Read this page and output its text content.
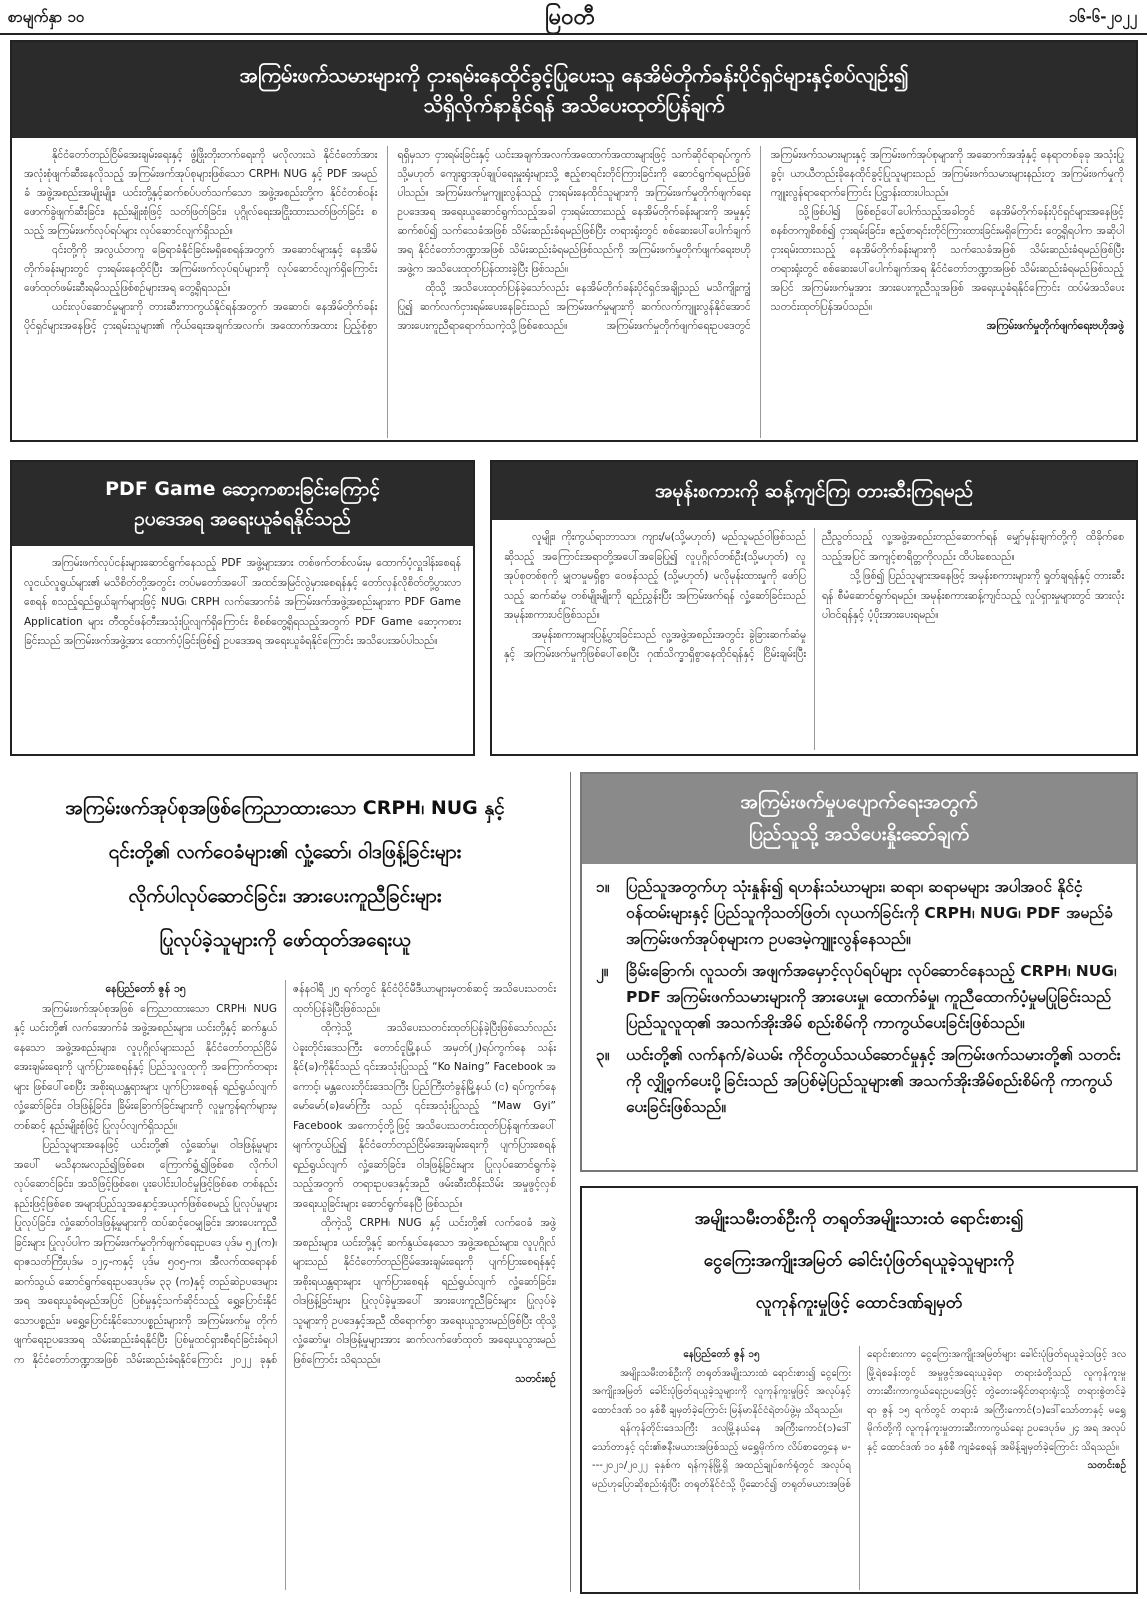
စာမျက်နှာ ၁၀	မြဝတီ	၁၆-၆-၂၀၂၂
အကြမ်းဖက်သမားများကို ငှားရမ်းနေထိုင်ခွင့်ပြုပေးသူ နေအိမ်တိုက်ခန်းပိုင်ရှင်များနှင့်စပ်လျဉ်း၍
သိရှိလိုက်နာနိုင်ရန် အသိပေးထုတ်ပြန်ချက်

နိုင်ငံတော်တည်ငြိမ်အေးချမ်းရေးနှင့် ဖွံ့ဖြိုးတိုးတက်ရေးကို မလိုလားသဲ နိုင်ငံတော်အား အလုံးစုံဖျက်ဆီးနေလိုသည့် အကြမ်းဖက်အုပ်စုများဖြစ်သော CRPH၊ NUG နှင့် PDF အမည်ခံ အဖွဲ့အစည်းအမျိုးမျိုး၊ ယင်းတို့နှင့်ဆက်စပ်ပတ်သက်သော အဖွဲ့အစည်းတို့က နိုင်ငံတစ်ဝန်း ဖောက်ခွဲဖျက်ဆီးခြင်း၊ နည်းမျိုးစုံဖြင့် သတ်ဖြတ်ခြင်း၊ ပုဂ္ဂိုလ်ရေးအငြိုးထားသတ်ဖြတ်ခြင်း စသည့် အကြမ်းဖက်လုပ်ရပ်များ လုပ်ဆောင်လျက်ရှိသည်။

၎င်းတို့ကို အလွယ်တကူ ခြေရာခံနိုင်ခြင်းမရှိစေရန်အတွက် အဆောင်များနှင့် နေအိမ်တိုက်ခန်းများတွင် ငှားရမ်းနေထိုင်ပြီး အကြမ်းဖက်လုပ်ရပ်များကို လုပ်ဆောင်လျက်ရှိကြောင်း ဖော်ထုတ်ဖမ်းဆီးရမိသည့်ဖြစ်စဉ်များအရ တွေ့ရှိရသည်။

ယင်းလုပ်ဆောင်မှုများကို တားဆီးကာကွယ်နိုင်ရန်အတွက် အဆောင်၊ နေအိမ်တိုက်ခန်းပိုင်ရှင်များအနေဖြင့် ငှားရမ်းသူများ၏ ကိုယ်ရေးအချက်အလက်၊ အထောက်အထား ပြည့်စုံစွာရရှိမှသာ ငှားရမ်းခြင်းနှင့် ယင်းအချက်အလက်အထောက်အထားများဖြင့် သက်ဆိုင်ရာရပ်ကွက် သို့မဟုတ် ကျေးရွာအုပ်ချုပ်ရေးမှူးရုံးများသို့ ဧည့်စာရင်းတိုင်ကြားခြင်းကို ဆောင်ရွက်ရမည်ဖြစ်ပါသည်။ အကြမ်းဖက်မှုကျူးလွန်သည့် ငှားရမ်းနေထိုင်သူများကို အကြမ်းဖက်မှုတိုက်ဖျက်ရေးဥပဒေအရ အရေးယူဆောင်ရွက်သည့်အခါ ငှားရမ်းထားသည့် နေအိမ်တိုက်ခန်းများကို အမှုနှင့်ဆက်စပ်၍ သက်သေခံအဖြစ် သိမ်းဆည်းခံရမည်ဖြစ်ပြီး တရားရုံးတွင် စစ်ဆေးပေါ်ပေါက်ချက်အရ နိုင်ငံတော်ဘဏ္ဍာအဖြစ် သိမ်းဆည်းခံရမည်ဖြစ်သည်ကို အကြမ်းဖက်မှုတိုက်ဖျက်ရေးဗဟိုအဖွဲ့က အသိပေးထုတ်ပြန်ထားခဲ့ပြီး ဖြစ်သည်။

ထိုသို့ အသိပေးထုတ်ပြန်ခဲ့သော်လည်း နေအိမ်တိုက်ခန်းပိုင်ရှင်အချို့သည် မသိကျိုးကျွံပြု၍ ဆက်လက်ငှားရမ်းပေးနေခြင်းသည် အကြမ်းဖက်မှုများကို ဆက်လက်ကျူးလွန်နိုင်အောင် အားပေးကူညီရာရောက်သကဲ့သို့ဖြစ်စေသည်။ အကြမ်းဖက်မှုတိုက်ဖျက်ရေးဥပဒေတွင် အကြမ်းဖက်သမားများနှင့် အကြမ်းဖက်အုပ်စုများကို အဆောက်အအုံနှင့် နေရာတစ်ခုခု အသုံးပြုခွင့်၊ ယာယီတည်းခိုနေထိုင်ခွင့်ပြုသူများသည် အကြမ်းဖက်သမားများနည်းတူ အကြမ်းဖက်မှုကို ကျူးလွန်ရာရောက်ကြောင်း ပြဋ္ဌာန်းထားပါသည်။

သို့ဖြစ်ပါ၍ ဖြစ်စဉ်ပေါ်ပေါက်သည့်အခါတွင် နေအိမ်တိုက်ခန်းပိုင်ရှင်များအနေဖြင့် စနစ်တကျစိစစ်၍ ငှားရမ်းခြင်း၊ ဧည့်စာရင်းတိုင်ကြားထားခြင်းမရှိကြောင်း တွေ့ရှိရပါက အဆိုပါငှားရမ်းထားသည့် နေအိမ်တိုက်ခန်းများကို သက်သေခံအဖြစ် သိမ်းဆည်းခံရမည်ဖြစ်ပြီး တရားရုံးတွင် စစ်ဆေးပေါ်ပေါက်ချက်အရ နိုင်ငံတော်ဘဏ္ဍာအဖြစ် သိမ်းဆည်းခံရမည်ဖြစ်သည့်အပြင် အကြမ်းဖက်မှုအား အားပေးကူညီသူအဖြစ် အရေးယူခံရနိုင်ကြောင်း ထပ်မံအသိပေး သတင်းထုတ်ပြန်အပ်သည်။

အကြမ်းဖက်မှုတိုက်ဖျက်ရေးဗဟိုအဖွဲ့
PDF Game ဆော့ကစားခြင်းကြောင့်
ဥပဒေအရ အရေးယူခံရနိုင်သည်

အကြမ်းဖက်လုပ်ငန်းများဆောင်ရွက်နေသည့် PDF အဖွဲ့များအား တစ်ဖက်တစ်လမ်းမှ ထောက်ပံ့လှူဒါန်းစေရန် လူငယ်လူရွယ်များ၏ မသိစိတ်တို့အတွင်း တပ်မတော်အပေါ် အထင်အမြင်လွဲမှားစေရန်နှင့် တော်လှန်လိုစိတ်တို့ပွားလာစေရန် စသည့်ရည်ရွယ်ချက်များဖြင့် NUG၊ CRPH လက်အောက်ခံ အကြမ်းဖက်အဖွဲ့အစည်းများက PDF Game Application များ တီထွင်ဖန်တီးအသုံးပြုလျက်ရှိကြောင်း စိစစ်တွေ့ရှိရသည့်အတွက် PDF Game ဆော့ကစားခြင်းသည် အကြမ်းဖက်အဖွဲ့အား ထောက်ပံ့ခြင်းဖြစ်၍ ဥပဒေအရ အရေးယူခံရနိုင်ကြောင်း အသိပေးအပ်ပါသည်။

အမုန်းစကားကို ဆန့်ကျင်ကြ၊ တားဆီးကြရမည်

လူမျိုး၊ ကိုးကွယ်ရာဘာသာ၊ ကျား/မ(သို့မဟုတ်) မည်သူမည်ဝါဖြစ်သည်ဆိုသည့် အကြောင်းအရာတို့အပေါ်အခြေပြု၍ လူပုဂ္ဂိုလ်တစ်ဦး(သို့မဟုတ်) လူအုပ်စုတစ်စုကို မျှတမှုမရှိစွာ ဝေဖန်သည့် (သို့မဟုတ်) မလိုမုန်းထားမှုကို ဖော်ပြသည့် ဆက်ဆံမှု တစ်မျိုးမျိုးကို ရည်ညွှန်းပြီး အကြမ်းဖက်ရန် လှုံ့ဆော်ခြင်းသည် အမုန်းစကားပင်ဖြစ်သည်။

အမုန်းစကားများပြန့်ပွားခြင်းသည် လူ့အဖွဲ့အစည်းအတွင်း ခွဲခြားဆက်ဆံမှုနှင့် အကြမ်းဖက်မှုကိုဖြစ်ပေါ်စေပြီး ဂုဏ်သိက္ခာရှိစွာနေထိုင်ရန်နှင့် ငြိမ်းချမ်းပြီး ညီညွတ်သည့် လူ့အဖွဲ့အစည်းတည်ဆောက်ရန် မျှော်မှန်းချက်တို့ကို ထိခိုက်စေသည့်အပြင် အကျင့်စာရိတ္တကိုလည်း ထိပါးစေသည်။

သို့ဖြစ်၍ ပြည်သူများအနေဖြင့် အမုန်းစကားများကို ရှုတ်ချရန်နှင့် တားဆီးရန် စီမံဆောင်ရွက်ရမည်။ အမုန်းစကားဆန့်ကျင်သည့် လှုပ်ရှားမှုများတွင် အားလုံး ပါဝင်ရန်နှင့် ပံ့ပိုးအားပေးရမည်။

အကြမ်းဖက်အုပ်စုအဖြစ်ကြေညာထားသော CRPH၊ NUG နှင့်
၎င်းတို့၏ လက်ဝေခံများ၏ လှုံ့ဆော်၊ ဝါဒဖြန့်ခြင်းများ
လိုက်ပါလုပ်ဆောင်ခြင်း၊ အားပေးကူညီခြင်းများ
ပြုလုပ်ခဲ့သူများကို ဖော်ထုတ်အရေးယူ
နေပြည်တော် ဇွန် ၁၅

အကြမ်းဖက်အုပ်စုအဖြစ် ကြေညာထားသော CRPH၊ NUG နှင့် ယင်းတို့၏ လက်အောက်ခံ အဖွဲ့အစည်းများ၊ ယင်းတို့နှင့် ဆက်နွယ်နေသော အဖွဲ့အစည်းများ၊ လူပုဂ္ဂိုလ်များသည် နိုင်ငံတော်တည်ငြိမ်အေးချမ်းရေးကို ပျက်ပြားစေရန်နှင့် ပြည်သူလူထုကို အကြောက်တရားများ ဖြစ်ပေါ်စေပြီး အစိုးရယန္တရားများ ပျက်ပြားစေရန် ရည်ရွယ်လျက် လှုံ့ဆော်ခြင်း၊ ဝါဒဖြန့်ခြင်း၊ ခြိမ်းခြောက်ခြင်းများကို လူမှုကွန်ရက်များမှတစ်ဆင့် နည်းမျိုးစုံဖြင့် ပြုလုပ်လျက်ရှိသည်။

ပြည်သူများအနေဖြင့် ယင်းတို့၏ လှုံ့ဆော်မှု၊ ဝါဒဖြန့်မှုများအပေါ် မသိနားမလည်၍ဖြစ်စေ၊ ကြောက်ရွံ့၍ဖြစ်စေ လိုက်ပါလုပ်ဆောင်ခြင်း၊ အသိဖြင့်ဖြစ်စေ၊ ပူးပေါင်းပါဝင်မှုဖြင့်ဖြစ်စေ တစ်နည်းနည်းဖြင့်ဖြစ်စေ အများပြည်သူအနှောင့်အယှက်ဖြစ်စေမည့် ပြုလုပ်မှုများ ပြုလုပ်ခြင်း၊ လှုံ့ဆော်ဝါဒဖြန့်မှုများကို ထပ်ဆင့်ဝေမျှခြင်း၊ အားပေးကူညီခြင်းများ ပြုလုပ်ပါက အကြမ်းဖက်မှုတိုက်ဖျက်ရေးဥပဒေ ပုဒ်မ ၅၂(က)၊ ရာဇသတ်ကြီးပုဒ်မ ၁၂၄-ကနှင့် ပုဒ်မ ၅၀၅-က၊ အီလက်ထရောနစ်ဆက်သွယ် ဆောင်ရွက်ရေးဥပဒေပုဒ်မ ၃၃ (က)နှင့် တည်ဆဲဥပဒေများအရ အရေးယူခံရမည်အပြင် ပြစ်မှုနှင့်သက်ဆိုင်သည့် ရွှေ့ပြောင်းနိုင်သောပစ္စည်း၊ မရွှေ့ပြောင်းနိုင်သောပစ္စည်းများကို အကြမ်းဖက်မှု တိုက်ဖျက်ရေးဥပဒေအရ သိမ်းဆည်းခံရနိုင်ပြီး ပြစ်မှုထင်ရှားစီရင်ခြင်းခံရပါက နိုင်ငံတော်ဘဏ္ဍာအဖြစ် သိမ်းဆည်းခံရနိုင်ကြောင်း ၂၀၂၂ ခုနှစ် ဇန်နဝါရီ ၂၅ ရက်တွင် နိုင်ငံပိုင်မီဒီယာများမှတစ်ဆင့် အသိပေးသတင်းထုတ်ပြန်ခဲ့ပြီးဖြစ်သည်။

ထိုကဲ့သို့ အသိပေးသတင်းထုတ်ပြန်ခဲ့ပြီးဖြစ်သော်လည်း ပဲခူးတိုင်းဒေသကြီး တောင်ငူမြို့နယ် အမှတ်(၂)ရပ်ကွက်နေ သန်းနိုင်(ခ)ကိုနိုင်သည် ၎င်းအသုံးပြုသည့် “Ko Naing” Facebook အကောင့်၊ မန္တလေးတိုင်းဒေသကြီး ပြည်ကြီးတံခွန်မြို့နယ် (င) ရပ်ကွက်နေ မော်မော်(ခ)မော်ကြီး သည် ၎င်းအသုံးပြုသည့် “Maw Gyi” Facebook အကောင့်တို့ဖြင့် အသိပေးသတင်းထုတ်ပြန်ချက်အပေါ် မျက်ကွယ်ပြု၍ နိုင်ငံတော်တည်ငြိမ်အေးချမ်းရေးကို ပျက်ပြားစေရန် ရည်ရွယ်လျက် လှုံ့ဆော်ခြင်း၊ ဝါဒဖြန့်ခြင်းများ ပြုလုပ်ဆောင်ရွက်ခဲ့သည့်အတွက် တရားဥပဒေနှင့်အညီ ဖမ်းဆီးထိန်းသိမ်း အမှုဖွင့်လှစ်အရေးယူခြင်းများ ဆောင်ရွက်နေပြီ ဖြစ်သည်။

ထိုကဲ့သို့ CRPH၊ NUG နှင့် ယင်းတို့၏ လက်ဝေခံ အဖွဲ့အစည်းများ၊ ယင်းတို့နှင့် ဆက်နွယ်နေသော အဖွဲ့အစည်းများ၊ လူပုဂ္ဂိုလ်များသည် နိုင်ငံတော်တည်ငြိမ်အေးချမ်းရေးကို ပျက်ပြားစေရန်နှင့် အစိုးရယန္တရားများ ပျက်ပြားစေရန် ရည်ရွယ်လျက် လှုံ့ဆော်ခြင်း၊ ဝါဒဖြန့်ခြင်းများ ပြုလုပ်ခဲ့မှုအပေါ် အားပေးကူညီခြင်းများ ပြုလုပ်ခဲ့သူများကို ဥပဒေနှင့်အညီ ထိရောက်စွာ အရေးယူသွားမည်ဖြစ်ပြီး ထိုသို့ လှုံ့ဆော်မှု၊ ဝါဒဖြန့်မှုများအား ဆက်လက်ဖော်ထုတ် အရေးယူသွားမည်ဖြစ်ကြောင်း သိရသည်။

သတင်းစဉ်
အကြမ်းဖက်မှုပပျောက်ရေးအတွက်
ပြည်သူသို့ အသိပေးနှိုးဆော်ချက်
၁။	ပြည်သူအတွက်ဟု သုံးနှုန်း၍ ရဟန်းသံဃာများ၊ ဆရာ၊ ဆရာမများ အပါအဝင် နိုင်ငံ့ဝန်ထမ်းများနှင့် ပြည်သူကိုသတ်ဖြတ်၊ လုယက်ခြင်းကို CRPH၊ NUG၊ PDF အမည်ခံ အကြမ်းဖက်အုပ်စုများက ဥပဒေမဲ့ကျူးလွန်နေသည်။
၂။	ခြိမ်းခြောက်၊ လူသတ်၊ အဖျက်အမှောင့်လုပ်ရပ်များ လုပ်ဆောင်နေသည့် CRPH၊ NUG၊ PDF အကြမ်းဖက်သမားများကို အားပေးမှု၊ ထောက်ခံမှု၊ ကူညီထောက်ပံ့မှုမပြုခြင်းသည် ပြည်သူလူထု၏ အသက်အိုးအိမ် စည်းစိမ်ကို ကာကွယ်ပေးခြင်းဖြစ်သည်။
၃။	ယင်းတို့၏ လက်နက်/ခဲယမ်း ကိုင်တွယ်သယ်ဆောင်မှုနှင့် အကြမ်းဖက်သမားတို့၏ သတင်းကို လျှို့ဝှက်ပေးပို့ခြင်းသည် အပြစ်မဲ့ပြည်သူများ၏ အသက်အိုးအိမ်စည်းစိမ်ကို ကာကွယ်ပေးခြင်းဖြစ်သည်။
အမျိုးသမီးတစ်ဦးကို တရုတ်အမျိုးသားထံ ရောင်းစား၍
ငွေကြေးအကျိုးအမြတ် ခေါင်းပုံဖြတ်ရယူခဲ့သူများကို
လူကုန်ကူးမှုဖြင့် ထောင်ဒဏ်ချမှတ်
နေပြည်တော် ဇွန် ၁၅

အမျိုးသမီးတစ်ဦးကို တရုတ်အမျိုးသားထံ ရောင်းစား၍ ငွေကြေးအကျိုးအမြတ် ခေါင်းပုံဖြတ်ရယူခဲ့သူများကို လူကုန်ကူးမှုဖြင့် အလုပ်နှင့် ထောင်ဒဏ် ၁၀ နှစ်စီ ချမှတ်ခဲ့ကြောင်း မြန်မာနိုင်ငံရဲတပ်ဖွဲ့မှ သိရသည်။

ရန်ကုန်တိုင်းဒေသကြီး ဒလမြို့နယ်နေ အကြီးကောင်(၁)ဒေါ်သော်တာနှင့် ၎င်း၏ဇနီးမယားအဖြစ်သည့် မရွှေမိုက်က လိပ်စာတွေ့နေ မ----၂၀၂၁/၂၀၂၂ ခုနှစ်က ရန်ကုန်မြို့ရှိ အထည်ချုပ်စက်ရုံတွင် အလုပ်ရမည်ဟုပြောဆိုစည်းရုံးပြီး တရုတ်နိုင်ငံသို့ ပို့ဆောင်၍ တရုတ်မယားအဖြစ် ရောင်းစားကာ ငွေကြေးအကျိုးအမြတ်များ ခေါင်းပုံဖြတ်ရယူခဲ့သဖြင့် ဒလမြို့ရဲစခန်းတွင် အမှုဖွင့်အရေးယူခဲ့ရာ တရားခံတို့သည် လူကုန်ကူးမှုတားဆီးကာကွယ်ရေးဥပဒေဖြင့် တွဲတေးခရိုင်တရားရုံးသို့ တရားစွဲတင်ခဲ့ရာ ဇွန် ၁၅ ရက်တွင် တရားခံ အကြီးကောင်(၁)ဒေါ်သော်တာနှင့် မရွှေမိုက်တို့ကို လူကုန်ကူးမှုတားဆီးကာကွယ်ရေး ဥပဒေပုဒ်မ ၂၄ အရ အလုပ်နှင့် ထောင်ဒဏ် ၁၀ နှစ်စီ ကျခံစေရန် အမိန့်ချမှတ်ခဲ့ကြောင်း သိရသည်။

သတင်းစဉ်
